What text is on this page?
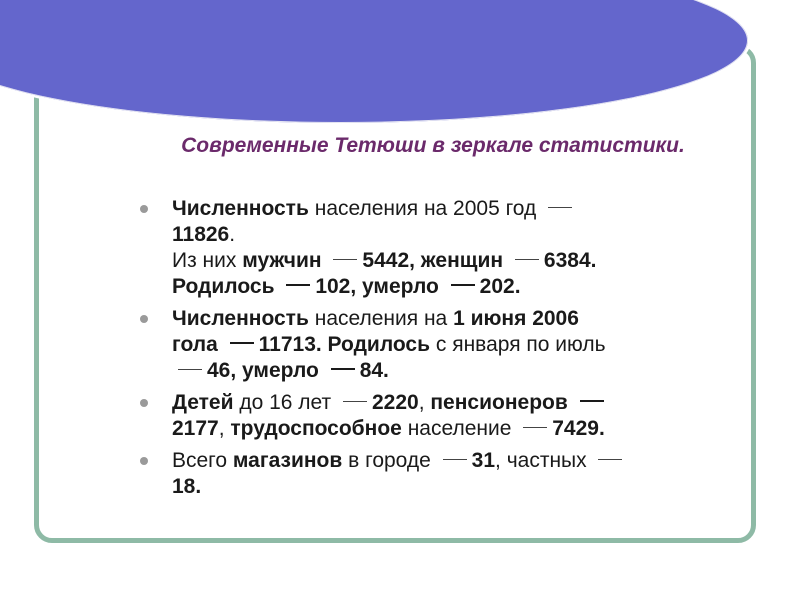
Современные Тетюши в зеркале статистики.
Численность населения на 2005 год
11826.
Из них мужчин 5442, женщин 6384.
Родилось 102, умерло 202.
Численность населения на 1 июня 2006
гола 11713. Родилось с января по июль
46, умерло 84.
Детей до 16 лет 2220, пенсионеров
2177, трудоспособное население 7429.
Всего магазинов в городе 31, частных
18.
